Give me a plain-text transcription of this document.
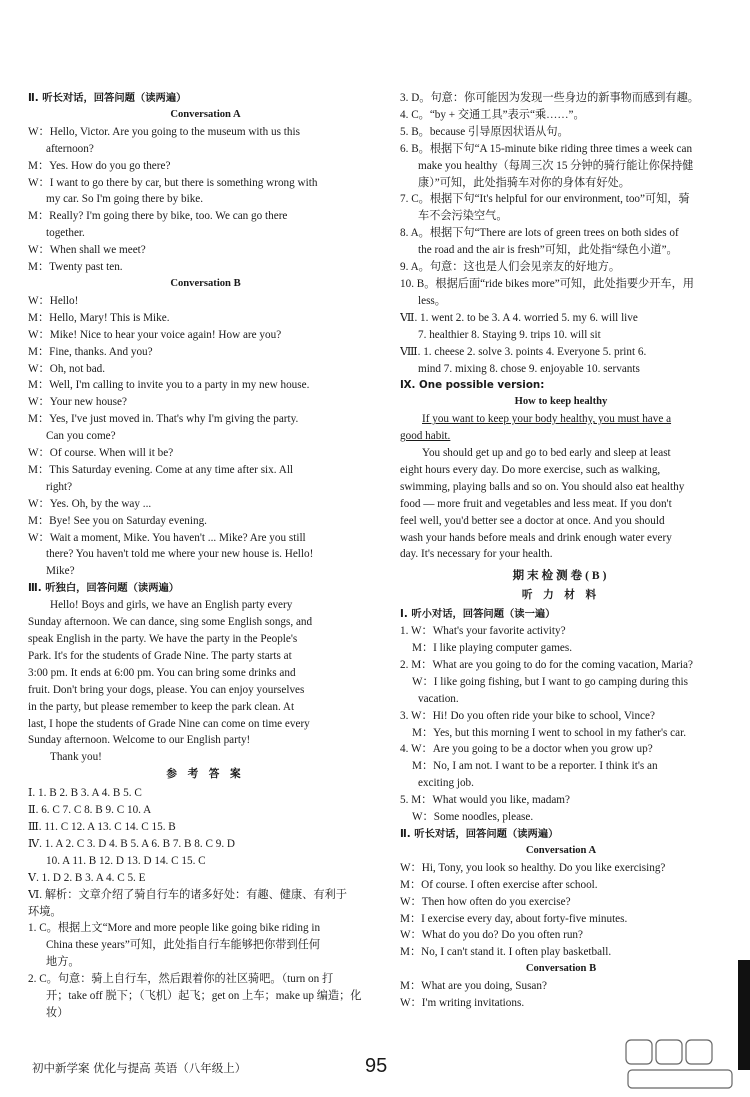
Ⅱ. 听长对话，回答问题（读两遍）
Conversation A
W：Hello, Victor. Are you going to the museum with us this
afternoon?
M：Yes. How do you go there?
W：I want to go there by car, but there is something wrong with
my car. So I'm going there by bike.
M：Really? I'm going there by bike, too. We can go there
together.
W：When shall we meet?
M：Twenty past ten.
Conversation B
W：Hello!
M：Hello, Mary! This is Mike.
W：Mike! Nice to hear your voice again! How are you?
M：Fine, thanks. And you?
W：Oh, not bad.
M：Well, I'm calling to invite you to a party in my new house.
W：Your new house?
M：Yes, I've just moved in. That's why I'm giving the party.
Can you come?
W：Of course. When will it be?
M：This Saturday evening. Come at any time after six. All
right?
W：Yes. Oh, by the way ...
M：Bye! See you on Saturday evening.
W：Wait a moment, Mike. You haven't ... Mike? Are you still
there? You haven't told me where your new house is. Hello!
Mike?
Ⅲ. 听独白，回答问题（读两遍）
Hello! Boys and girls, we have an English party every
Sunday afternoon. We can dance, sing some English songs, and
speak English in the party. We have the party in the People's
Park. It's for the students of Grade Nine. The party starts at
3:00 pm. It ends at 6:00 pm. You can bring some drinks and
fruit. Don't bring your dogs, please. You can enjoy yourselves
in the party, but please remember to keep the park clean. At
last, I hope the students of Grade Nine can come on time every
Sunday afternoon. Welcome to our English party!
Thank you!
参 考 答 案
Ⅰ. 1. B 2. B 3. A 4. B 5. C
Ⅱ. 6. C 7. C 8. B 9. C 10. A
Ⅲ. 11. C 12. A 13. C 14. C 15. B
Ⅳ. 1. A 2. C 3. D 4. B 5. A 6. B 7. B 8. C 9. D
10. A 11. B 12. D 13. D 14. C 15. C
Ⅴ. 1. D 2. B 3. A 4. C 5. E
Ⅵ. 解析：文章介绍了骑自行车的诸多好处：有趣、健康、有利于
环境。
1. C。根据上文“More and more people like going bike riding in
China these years”可知，此处指自行车能够把你带到任何
地方。
2. C。句意：骑上自行车，然后跟着你的社区骑吧。（turn on 打
开；take off 脱下；（飞机）起飞；get on 上车；make up 编造；化
妆）
3. D。句意：你可能因为发现一些身边的新事物而感到有趣。
4. C。“by + 交通工具”表示“乘……”。
5. B。because 引导原因状语从句。
6. B。根据下句“A 15-minute bike riding three times a week can
make you healthy（每周三次 15 分钟的骑行能让你保持健
康）”可知，此处指骑车对你的身体有好处。
7. C。根据下句“It's helpful for our environment, too”可知，骑
车不会污染空气。
8. A。根据下句“There are lots of green trees on both sides of
the road and the air is fresh”可知，此处指“绿色小道”。
9. A。句意：这也是人们会见亲友的好地方。
10. B。根据后面“ride bikes more”可知，此处指要少开车，用
less。
Ⅶ. 1. went 2. to be 3. A 4. worried 5. my 6. will live
7. healthier 8. Staying 9. trips 10. will sit
Ⅷ. 1. cheese 2. solve 3. points 4. Everyone 5. print 6.
mind 7. mixing 8. chose 9. enjoyable 10. servants
Ⅸ. One possible version:
How to keep healthy
If you want to keep your body healthy, you must have a
good habit.
You should get up and go to bed early and sleep at least
eight hours every day. Do more exercise, such as walking,
swimming, playing balls and so on. You should also eat healthy
food — more fruit and vegetables and less meat. If you don't
feel well, you'd better see a doctor at once. And you should
wash your hands before meals and drink enough water every
day. It's necessary for your health.
期末检测卷(B)
听 力 材 料
Ⅰ. 听小对话，回答问题（读一遍）
1. W：What's your favorite activity?
M：I like playing computer games.
2. M：What are you going to do for the coming vacation, Maria?
W：I like going fishing, but I want to go camping during this
vacation.
3. W：Hi! Do you often ride your bike to school, Vince?
M：Yes, but this morning I went to school in my father's car.
4. W：Are you going to be a doctor when you grow up?
M：No, I am not. I want to be a reporter. I think it's an
exciting job.
5. M：What would you like, madam?
W：Some noodles, please.
Ⅱ. 听长对话，回答问题（读两遍）
Conversation A
W：Hi, Tony, you look so healthy. Do you like exercising?
M：Of course. I often exercise after school.
W：Then how often do you exercise?
M：I exercise every day, about forty-five minutes.
W：What do you do? Do you often run?
M：No, I can't stand it. I often play basketball.
Conversation B
M：What are you doing, Susan?
W：I'm writing invitations.
初中新学案 优化与提高 英语（八年级上）	95
